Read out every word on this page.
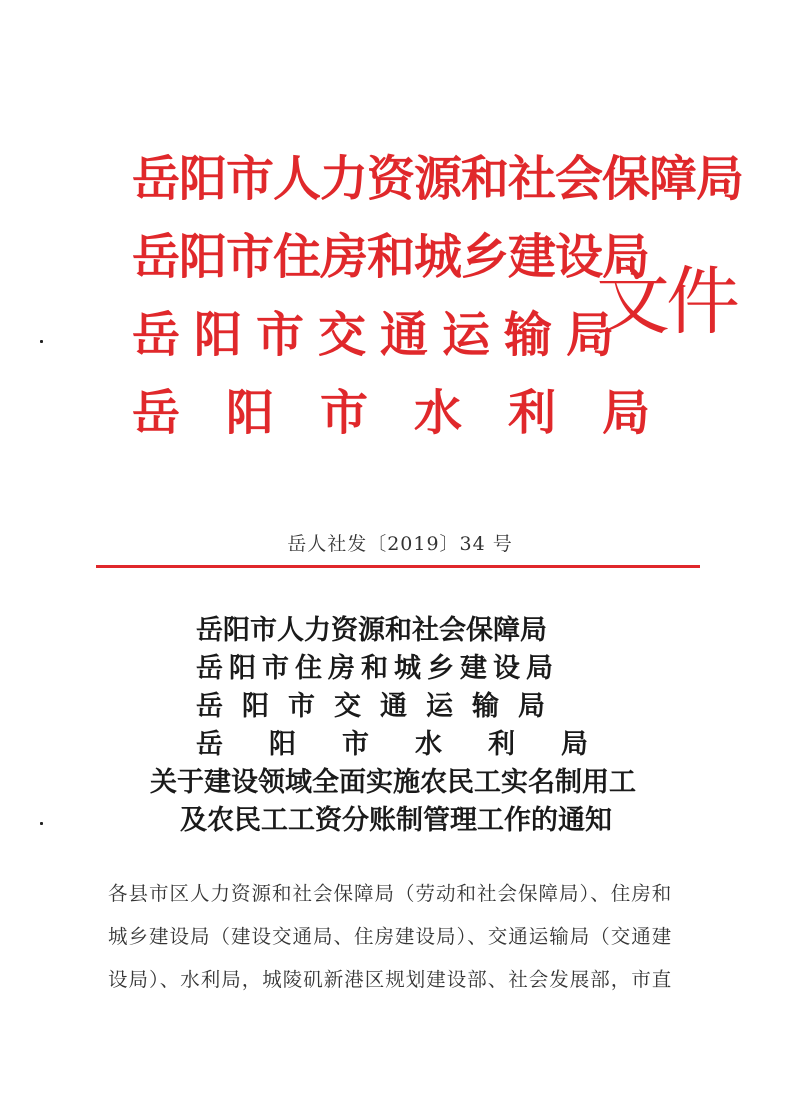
岳阳市人力资源和社会保障局
岳阳市住房和城乡建设局
岳阳市交通运输局
岳阳市水利局
文件
岳人社发〔2019〕34 号
岳阳市人力资源和社会保障局
岳阳市住房和城乡建设局
岳阳市交通运输局
岳阳市水利局
关于建设领域全面实施农民工实名制用工
及农民工工资分账制管理工作的通知
各县市区人力资源和社会保障局（劳动和社会保障局）、住房和
城乡建设局（建设交通局、住房建设局）、交通运输局（交通建
设局）、水利局，城陵矶新港区规划建设部、社会发展部，市直
